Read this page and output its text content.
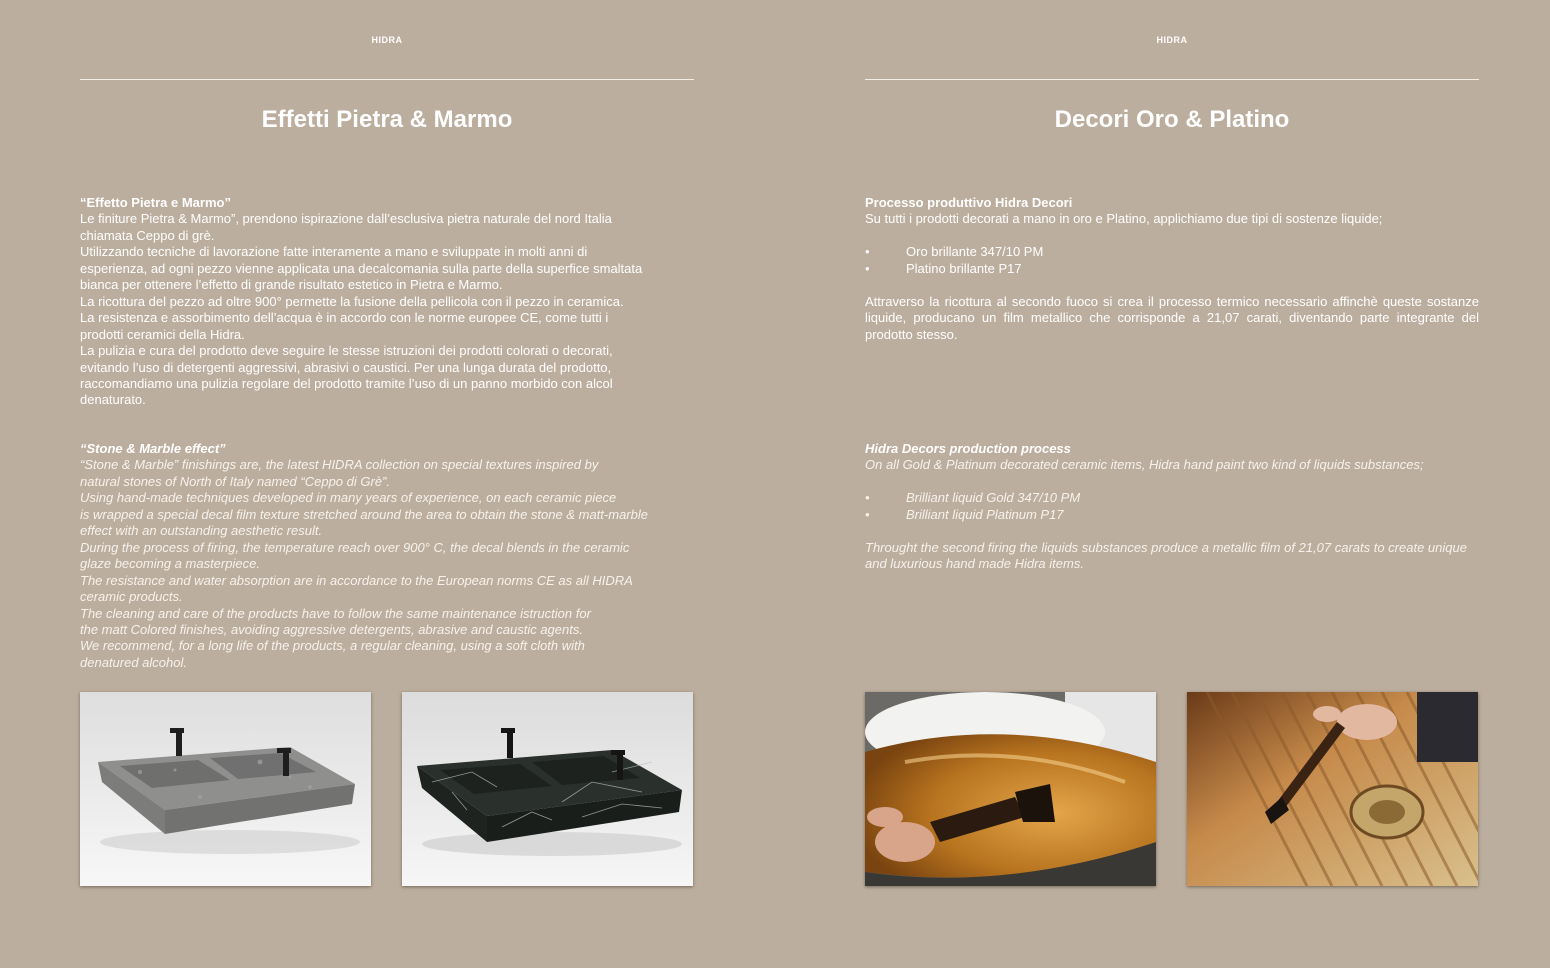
HIDRA
Effetti Pietra & Marmo

“Effetto Pietra e Marmo”

Le finiture Pietra & Marmo”, prendono ispirazione dall’esclusiva pietra naturale del nord Italia

chiamata Ceppo di grè.

Utilizzando tecniche di lavorazione fatte interamente a mano e sviluppate in molti anni di

esperienza, ad ogni pezzo vienne applicata una decalcomania sulla parte della superfice smaltata

bianca per ottenere l’effetto di grande risultato estetico in Pietra e Marmo.

La ricottura del pezzo ad oltre 900° permette la fusione della pellicola con il pezzo in ceramica.

La resistenza e assorbimento dell’acqua è in accordo con le norme europee CE, come tutti i

prodotti ceramici della Hidra.

La pulizia e cura del prodotto deve seguire le stesse istruzioni dei prodotti colorati o decorati,

evitando l’uso di detergenti aggressivi, abrasivi o caustici. Per una lunga durata del prodotto,

raccomandiamo una pulizia regolare del prodotto tramite l’uso di un panno morbido con alcol

denaturato.

“Stone & Marble effect”

“Stone & Marble” finishings are, the latest HIDRA collection on special textures inspired by

natural stones of North of Italy named “Ceppo di Grè”.

Using hand-made techniques developed in many years of experience, on each ceramic piece

is wrapped a special decal film texture stretched around the area to obtain the stone & matt-marble

effect with an outstanding aesthetic result.

During the process of firing, the temperature reach over 900° C, the decal blends in the ceramic

glaze becoming a masterpiece.

The resistance and water absorption are in accordance to the European norms CE as all HIDRA

ceramic products.

The cleaning and care of the products have to follow the same maintenance istruction for

the matt Colored finishes, avoiding aggressive detergents, abrasive and caustic agents.

We recommend, for a long life of the products, a regular cleaning, using a soft cloth with

denatured alcohol.

HIDRA
Decori Oro & Platino

Processo produttivo Hidra Decori

Su tutti i prodotti decorati a mano in oro e Platino, applichiamo due tipi di sostenze liquide;

•	Oro brillante 347/10 PM
•	Platino brillante P17

Attraverso la ricottura al secondo fuoco si crea il processo termico necessario affinchè queste sostanze liquide, producano un film metallico che corrisponde a 21,07 carati, diventando parte integrante del prodotto stesso.

Hidra Decors production process

On all Gold & Platinum decorated ceramic items, Hidra hand paint two kind of liquids substances;

•	Brilliant liquid Gold 347/10 PM
•	Brilliant liquid Platinum P17

Throught the second firing the liquids substances produce a metallic film of 21,07 carats to create unique and luxurious hand made Hidra items.
